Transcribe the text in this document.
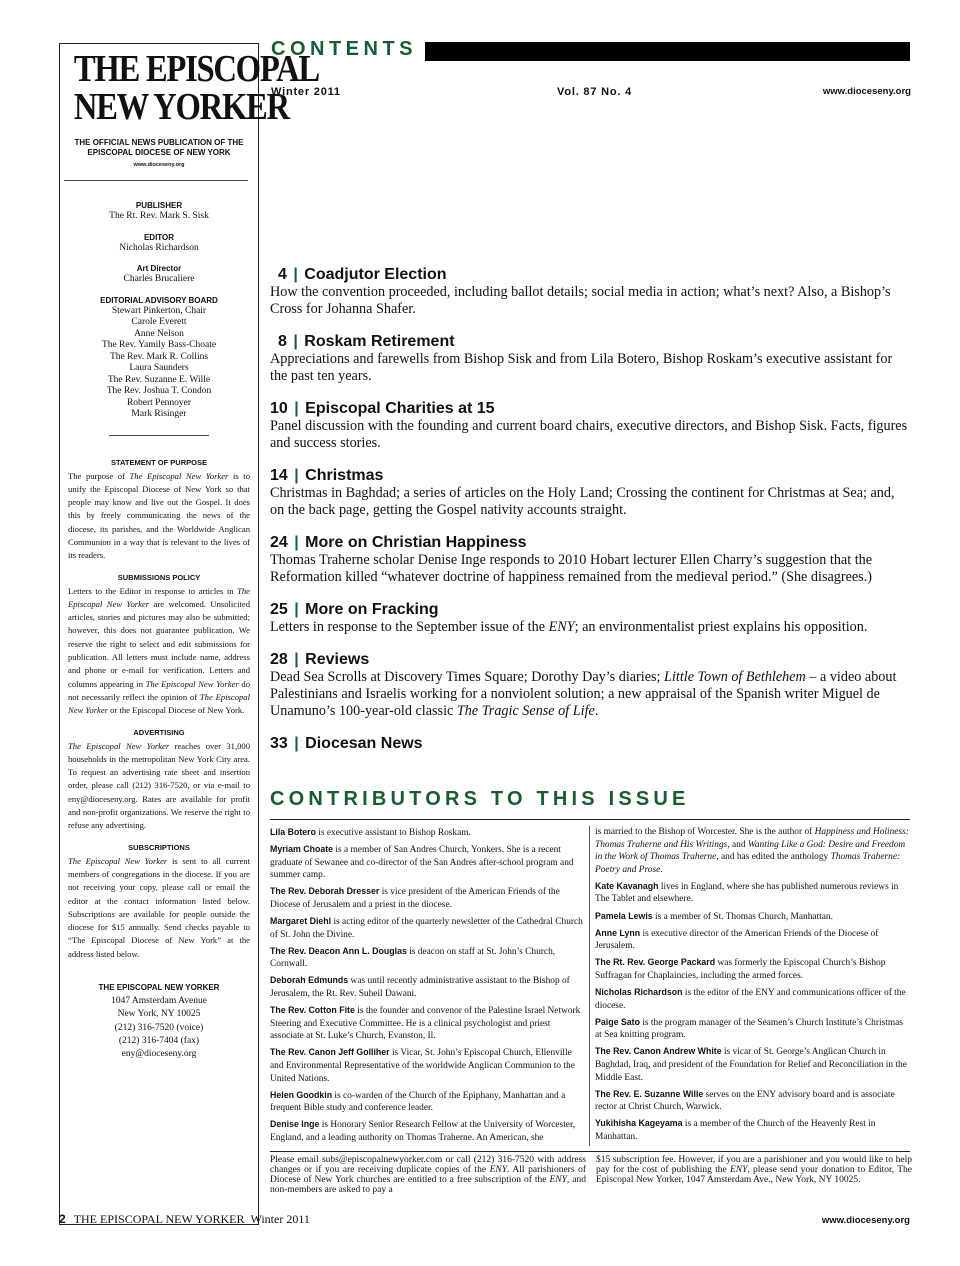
THE EPISCOPAL
NEW YORKER
THE OFFICIAL NEWS PUBLICATION OF THE EPISCOPAL DIOCESE OF NEW YORK
www.dioceseny.org
PUBLISHER
The Rt. Rev. Mark S. Sisk
EDITOR
Nicholas Richardson
Art Director
Charles Brucaliere
EDITORIAL ADVISORY BOARD
Stewart Pinkerton, Chair
Carole Everett
Anne Nelson
The Rev. Yamily Bass-Choate
The Rev. Mark R. Collins
Laura Saunders
The Rev. Suzanne E. Wille
The Rev. Joshua T. Condon
Robert Pennoyer
Mark Risinger
STATEMENT OF PURPOSE

The purpose of The Episcopal New Yorker is to unify the Episcopal Diocese of New York so that people may know and live out the Gospel. It does this by freely communicating the news of the diocese, its parishes, and the Worldwide Anglican Communion in a way that is relevant to the lives of its readers.

SUBMISSIONS POLICY

Letters to the Editor in response to articles in The Episcopal New Yorker are welcomed. Unsolicited articles, stories and pictures may also be submitted; however, this does not guarantee publication. We reserve the right to select and edit submissions for publication. All letters must include name, address and phone or e-mail for verification. Letters and columns appearing in The Episcopal New Yorker do not necessarily reflect the opinion of The Episcopal New Yorker or the Episcopal Diocese of New York.

ADVERTISING

The Episcopal New Yorker reaches over 31,000 households in the metropolitan New York City area. To request an advertising rate sheet and insertion order, please call (212) 316-7520, or via e-mail to eny@dioceseny.org. Rates are available for profit and non-profit organizations. We reserve the right to refuse any advertising.

SUBSCRIPTIONS

The Episcopal New Yorker is sent to all current members of congregations in the diocese. If you are not receiving your copy, please call or email the editor at the contact information listed below. Subscriptions are available for people outside the diocese for $15 annually. Send checks payable to “The Episcopal Diocese of New York” at the address listed below.

THE EPISCOPAL NEW YORKER
1047 Amsterdam Avenue
New York, NY 10025
(212) 316-7520 (voice)
(212) 316-7404 (fax)
eny@dioceseny.org
CONTENTS
Winter 2011	Vol. 87 No. 4	www.dioceseny.org
4 | Coadjutor Election
How the convention proceeded, including ballot details; social media in action; what’s next? Also, a Bishop’s Cross for Johanna Shafer.
8 | Roskam Retirement
Appreciations and farewells from Bishop Sisk and from Lila Botero, Bishop Roskam’s executive assistant for the past ten years.
10 | Episcopal Charities at 15
Panel discussion with the founding and current board chairs, executive directors, and Bishop Sisk. Facts, figures and success stories.
14 | Christmas
Christmas in Baghdad; a series of articles on the Holy Land; Crossing the continent for Christmas at Sea; and, on the back page, getting the Gospel nativity accounts straight.
24 | More on Christian Happiness
Thomas Traherne scholar Denise Inge responds to 2010 Hobart lecturer Ellen Charry’s suggestion that the Reformation killed “whatever doctrine of happiness remained from the medieval period.” (She disagrees.)
25 | More on Fracking
Letters in response to the September issue of the ENY; an environmentalist priest explains his opposition.
28 | Reviews
Dead Sea Scrolls at Discovery Times Square; Dorothy Day’s diaries; Little Town of Bethlehem – a video about Palestinians and Israelis working for a nonviolent solution; a new appraisal of the Spanish writer Miguel de Unamuno’s 100-year-old classic The Tragic Sense of Life.
33 | Diocesan News
CONTRIBUTORS TO THIS ISSUE

Lila Botero is executive assistant to Bishop Roskam.

Myriam Choate is a member of San Andres Church, Yonkers. She is a recent graduate of Sewanee and co-director of the San Andres after-school program and summer camp.

The Rev. Deborah Dresser is vice president of the American Friends of the Diocese of Jerusalem and a priest in the diocese.

Margaret Diehl is acting editor of the quarterly newsletter of the Cathedral Church of St. John the Divine.

The Rev. Deacon Ann L. Douglas is deacon on staff at St. John’s Church, Cornwall.

Deborah Edmunds was until recently administrative assistant to the Bishop of Jerusalem, the Rt. Rev. Suheil Dawani.

The Rev. Cotton Fite is the founder and convenor of the Palestine Israel Network Steering and Executive Committee. He is a clinical psychologist and priest associate at St. Luke’s Church, Evanston, Il.

The Rev. Canon Jeff Golliher is Vicar, St. John’s Episcopal Church, Ellenville and Environmental Representative of the worldwide Anglican Communion to the United Nations.

Helen Goodkin is co-warden of the Church of the Epiphany, Manhattan and a frequent Bible study and conference leader.

Denise Inge is Honorary Senior Research Fellow at the University of Worcester, England, and a leading authority on Thomas Traherne. An American, she

is married to the Bishop of Worcester. She is the author of Happiness and Holiness: Thomas Traherne and His Writings, and Wanting Like a God: Desire and Freedom in the Work of Thomas Traherne, and has edited the anthology Thomas Traherne: Poetry and Prose.

Kate Kavanagh lives in England, where she has published numerous reviews in The Tablet and elsewhere.

Pamela Lewis is a member of St. Thomas Church, Manhattan.

Anne Lynn is executive director of the American Friends of the Diocese of Jerusalem.

The Rt. Rev. George Packard was formerly the Episcopal Church’s Bishop Suffragan for Chaplaincies, including the armed forces.

Nicholas Richardson is the editor of the ENY and communications officer of the diocese.

Paige Sato is the program manager of the Seamen’s Church Institute’s Christmas at Sea knitting program.

The Rev. Canon Andrew White is vicar of St. George’s Anglican Church in Baghdad, Iraq, and president of the Foundation for Relief and Reconciliation in the Middle East.

The Rev. E. Suzanne Wille serves on the ENY advisory board and is associate rector at Christ Church, Warwick.

Yukihisha Kageyama is a member of the Church of the Heavenly Rest in Manhattan.

Please email subs@episcopalnewyorker.com or call (212) 316-7520 with address changes or if you are receiving duplicate copies of the ENY. All parishioners of Diocese of New York churches are entitled to a free subscription of the ENY, and non-members are asked to pay a

$15 subscription fee. However, if you are a parishioner and you would like to help pay for the cost of publishing the ENY, please send your donation to Editor, The Episcopal New Yorker, 1047 Amsterdam Ave., New York, NY 10025.

2 THE EPISCOPAL NEW YORKER Winter 2011	www.dioceseny.org
